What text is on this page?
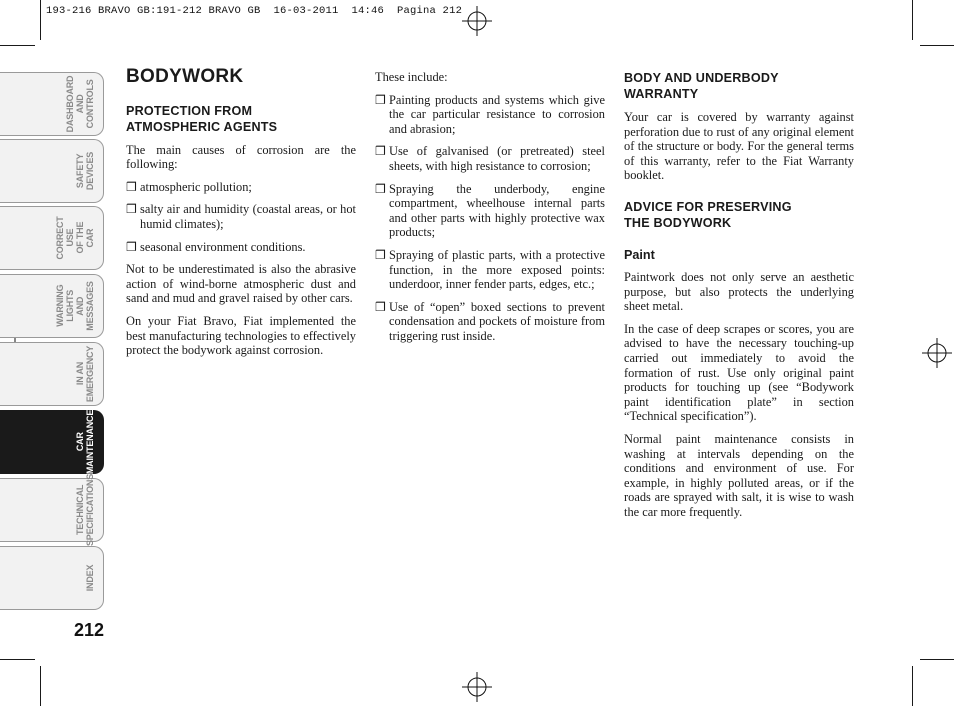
193-216 BRAVO GB:191-212 BRAVO GB  16-03-2011  14:46  Pagina 212
DASHBOARD
AND CONTROLS
SAFETY
DEVICES
CORRECT USE
OF THE CAR
WARNING
LIGHTS AND
MESSAGES
IN AN
EMERGENCY
CAR
MAINTENANCE
TECHNICAL
SPECIFICATIONS
INDEX
212
BODYWORK
PROTECTION FROM
ATMOSPHERIC AGENTS

The main causes of corrosion are the following:

❒ atmospheric pollution;
❒ salty air and humidity (coastal areas, or hot humid climates);
❒ seasonal environment conditions.

Not to be underestimated is also the abrasive action of wind-borne atmospheric dust and sand and mud and gravel raised by other cars.

On your Fiat Bravo, Fiat implemented the best manufacturing technologies to effectively protect the bodywork against corrosion.

These include:

❒ Painting products and systems which give the car particular resistance to corrosion and abrasion;
❒ Use of galvanised (or pretreated) steel sheets, with high resistance to corrosion;
❒ Spraying the underbody, engine compartment, wheelhouse internal parts and other parts with highly protective wax products;
❒ Spraying of plastic parts, with a protective function, in the more exposed points: underdoor, inner fender parts, edges, etc.;
❒ Use of “open” boxed sections to prevent condensation and pockets of moisture from triggering rust inside.
BODY AND UNDERBODY
WARRANTY

Your car is covered by warranty against perforation due to rust of any original element of the structure or body. For the general terms of this warranty, refer to the Fiat Warranty booklet.

ADVICE FOR PRESERVING
THE BODYWORK
Paint

Paintwork does not only serve an aesthetic purpose, but also protects the underlying sheet metal.

In the case of deep scrapes or scores, you are advised to have the necessary touching-up carried out immediately to avoid the formation of rust. Use only original paint products for touching up (see “Bodywork paint identification plate” in section “Technical specification”).

Normal paint maintenance consists in washing at intervals depending on the conditions and environment of use. For example, in highly polluted areas, or if the roads are sprayed with salt, it is wise to wash the car more frequently.
